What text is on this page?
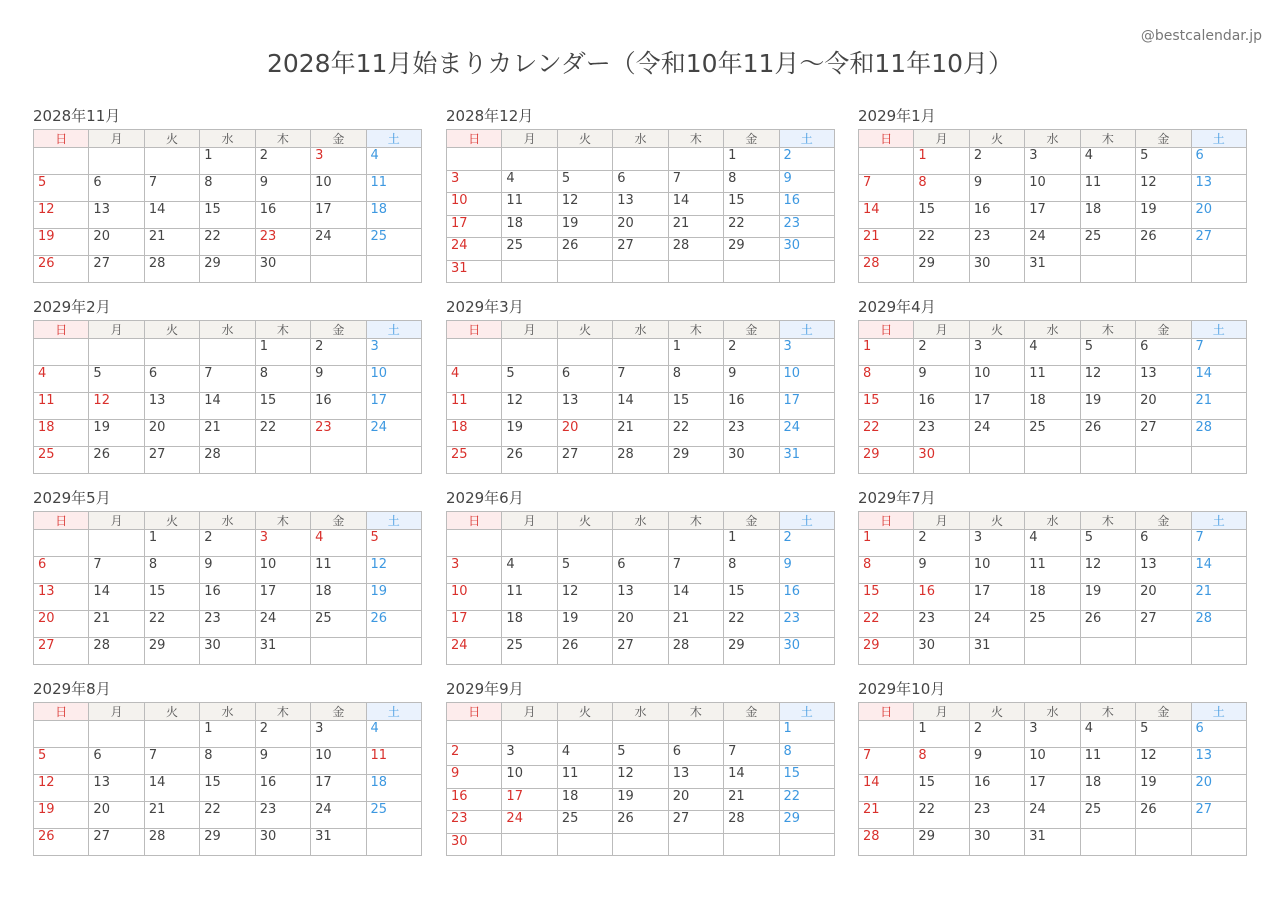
2028年11月始まりカレンダー（令和10年11月〜令和11年10月）
@bestcalendar.jp
2028年11月
日	月	火	水	木	金	土
			1	2	3	4
5	6	7	8	9	10	11
12	13	14	15	16	17	18
19	20	21	22	23	24	25
26	27	28	29	30		
2028年12月
日	月	火	水	木	金	土
					1	2
3	4	5	6	7	8	9
10	11	12	13	14	15	16
17	18	19	20	21	22	23
24	25	26	27	28	29	30
31						
2029年1月
日	月	火	水	木	金	土
	1	2	3	4	5	6
7	8	9	10	11	12	13
14	15	16	17	18	19	20
21	22	23	24	25	26	27
28	29	30	31			
2029年2月
日	月	火	水	木	金	土
				1	2	3
4	5	6	7	8	9	10
11	12	13	14	15	16	17
18	19	20	21	22	23	24
25	26	27	28			
2029年3月
日	月	火	水	木	金	土
				1	2	3
4	5	6	7	8	9	10
11	12	13	14	15	16	17
18	19	20	21	22	23	24
25	26	27	28	29	30	31
2029年4月
日	月	火	水	木	金	土
1	2	3	4	5	6	7
8	9	10	11	12	13	14
15	16	17	18	19	20	21
22	23	24	25	26	27	28
29	30					
2029年5月
日	月	火	水	木	金	土
		1	2	3	4	5
6	7	8	9	10	11	12
13	14	15	16	17	18	19
20	21	22	23	24	25	26
27	28	29	30	31		
2029年6月
日	月	火	水	木	金	土
					1	2
3	4	5	6	7	8	9
10	11	12	13	14	15	16
17	18	19	20	21	22	23
24	25	26	27	28	29	30
2029年7月
日	月	火	水	木	金	土
1	2	3	4	5	6	7
8	9	10	11	12	13	14
15	16	17	18	19	20	21
22	23	24	25	26	27	28
29	30	31				
2029年8月
日	月	火	水	木	金	土
			1	2	3	4
5	6	7	8	9	10	11
12	13	14	15	16	17	18
19	20	21	22	23	24	25
26	27	28	29	30	31	
2029年9月
日	月	火	水	木	金	土
						1
2	3	4	5	6	7	8
9	10	11	12	13	14	15
16	17	18	19	20	21	22
23	24	25	26	27	28	29
30						
2029年10月
日	月	火	水	木	金	土
	1	2	3	4	5	6
7	8	9	10	11	12	13
14	15	16	17	18	19	20
21	22	23	24	25	26	27
28	29	30	31			
